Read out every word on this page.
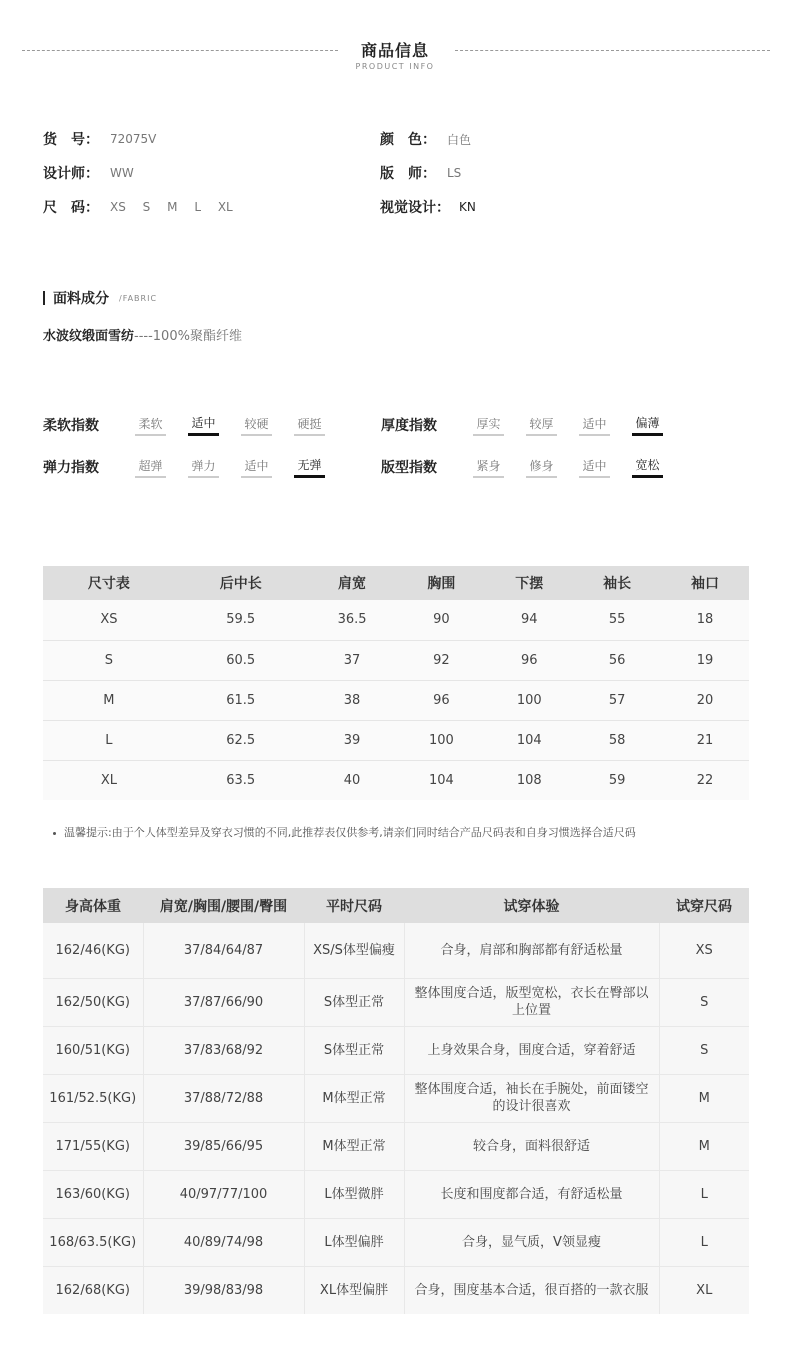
商品信息
PRODUCT INFO
货　号： 72075V
设计师： WW
尺　码： XS S M L XL
颜　色： 白色
版　师： LS
视觉设计： KN
面料成分 /FABRIC
水波纹缎面雪纺----100%聚酯纤维
柔软指数	柔软 适中 较硬 硬挺	厚度指数	厚实 较厚 适中 偏薄
弹力指数	超弹 弹力 适中 无弹	版型指数	紧身 修身 适中 宽松
尺寸表	后中长	肩宽	胸围	下摆	袖长	袖口
XS	59.5	36.5	90	94	55	18
S	60.5	37	92	96	56	19
M	61.5	38	96	100	57	20
L	62.5	39	100	104	58	21
XL	63.5	40	104	108	59	22
温馨提示:由于个人体型差异及穿衣习惯的不同,此推荐表仅供参考,请亲们同时结合产品尺码表和自身习惯选择合适尺码
身高体重	肩宽/胸围/腰围/臀围	平时尺码	试穿体验	试穿尺码
162/46(KG)	37/84/64/87	XS/S体型偏瘦	合身，肩部和胸部都有舒适松量	XS
162/50(KG)	37/87/66/90	S体型正常	整体围度合适，版型宽松，衣长在臀部以上位置	S
160/51(KG)	37/83/68/92	S体型正常	上身效果合身，围度合适，穿着舒适	S
161/52.5(KG)	37/88/72/88	M体型正常	整体围度合适，袖长在手腕处，前面镂空的设计很喜欢	M
171/55(KG)	39/85/66/95	M体型正常	较合身，面料很舒适	M
163/60(KG)	40/97/77/100	L体型微胖	长度和围度都合适，有舒适松量	L
168/63.5(KG)	40/89/74/98	L体型偏胖	合身，显气质，V领显瘦	L
162/68(KG)	39/98/83/98	XL体型偏胖	合身，围度基本合适，很百搭的一款衣服	XL
